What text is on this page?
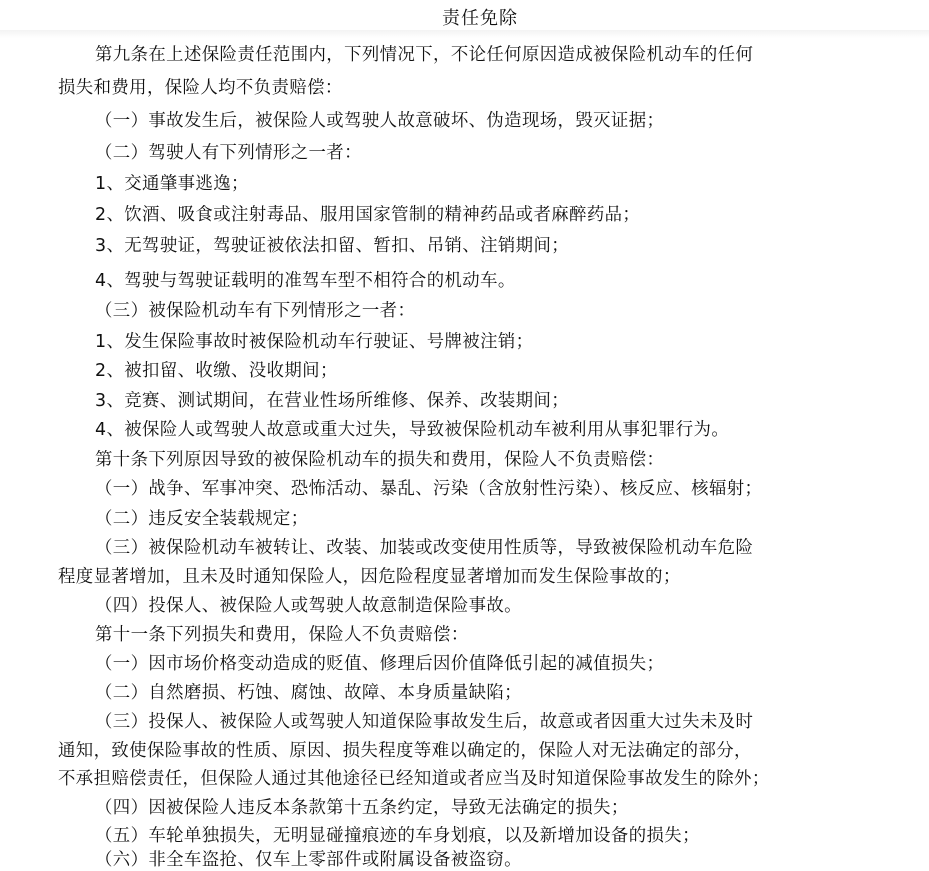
责任免除
第九条在上述保险责任范围内，下列情况下，不论任何原因造成被保险机动车的任何
损失和费用，保险人均不负责赔偿：
（一）事故发生后，被保险人或驾驶人故意破坏、伪造现场，毁灭证据；
（二）驾驶人有下列情形之一者：
1、交通肇事逃逸；
2、饮酒、吸食或注射毒品、服用国家管制的精神药品或者麻醉药品；
3、无驾驶证，驾驶证被依法扣留、暂扣、吊销、注销期间；
4、驾驶与驾驶证载明的准驾车型不相符合的机动车。
（三）被保险机动车有下列情形之一者：
1、发生保险事故时被保险机动车行驶证、号牌被注销；
2、被扣留、收缴、没收期间；
3、竞赛、测试期间，在营业性场所维修、保养、改装期间；
4、被保险人或驾驶人故意或重大过失，导致被保险机动车被利用从事犯罪行为。
第十条下列原因导致的被保险机动车的损失和费用，保险人不负责赔偿：
（一）战争、军事冲突、恐怖活动、暴乱、污染（含放射性污染）、核反应、核辐射；
（二）违反安全装载规定；
（三）被保险机动车被转让、改装、加装或改变使用性质等，导致被保险机动车危险
程度显著增加，且未及时通知保险人，因危险程度显著增加而发生保险事故的；
（四）投保人、被保险人或驾驶人故意制造保险事故。
第十一条下列损失和费用，保险人不负责赔偿：
（一）因市场价格变动造成的贬值、修理后因价值降低引起的减值损失；
（二）自然磨损、朽蚀、腐蚀、故障、本身质量缺陷；
（三）投保人、被保险人或驾驶人知道保险事故发生后，故意或者因重大过失未及时
通知，致使保险事故的性质、原因、损失程度等难以确定的，保险人对无法确定的部分，
不承担赔偿责任，但保险人通过其他途径已经知道或者应当及时知道保险事故发生的除外；
（四）因被保险人违反本条款第十五条约定，导致无法确定的损失；
（五）车轮单独损失，无明显碰撞痕迹的车身划痕，以及新增加设备的损失；
（六）非全车盗抢、仅车上零部件或附属设备被盗窃。
